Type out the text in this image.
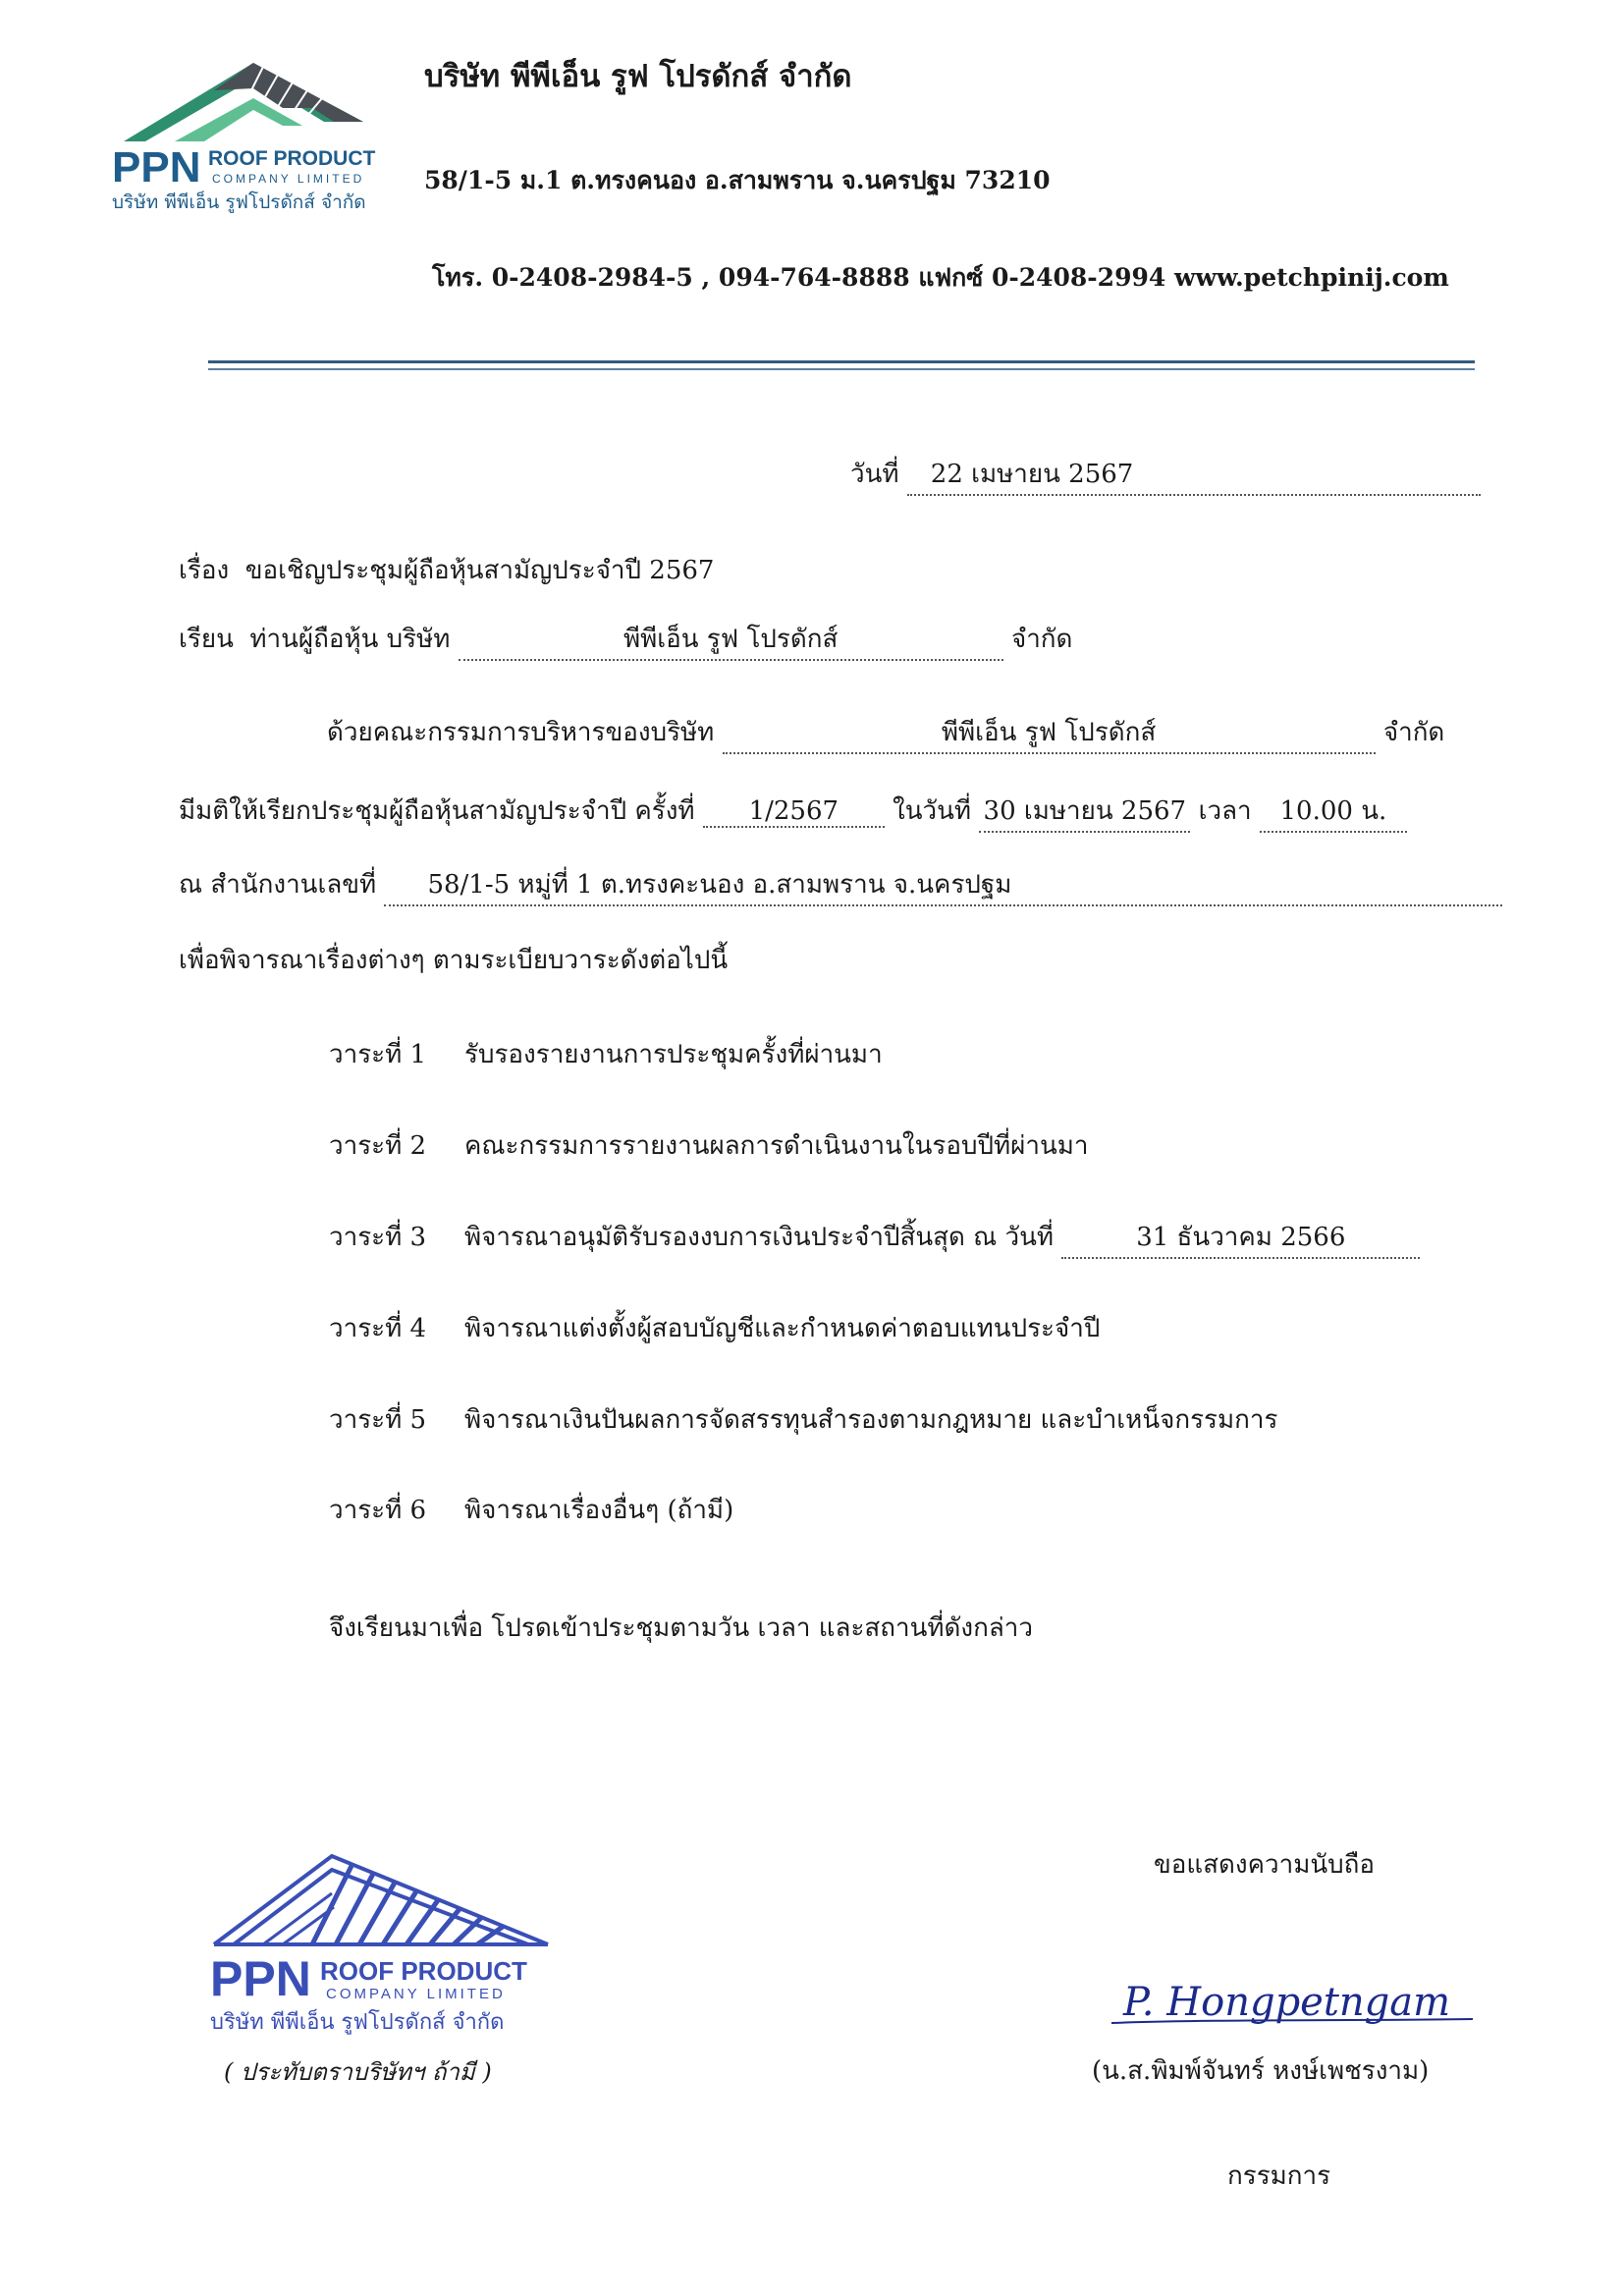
PPN ROOF PRODUCT
COMPANY LIMITED
บริษัท พีพีเอ็น รูฟโปรดักส์ จำกัด
บริษัท พีพีเอ็น รูฟ โปรดักส์ จำกัด
58/1-5 ม.1 ต.ทรงคนอง อ.สามพราน จ.นครปฐม 73210
โทร. 0-2408-2984-5 , 094-764-8888 แฟกซ์ 0-2408-2994 www.petchpinij.com
วันที่ 22 เมษายน 2567
เรื่อง ขอเชิญประชุมผู้ถือหุ้นสามัญประจำปี 2567
เรียน ท่านผู้ถือหุ้น บริษัท	พีพีเอ็น รูฟ โปรดักส์	จำกัด
ด้วยคณะกรรมการบริหารของบริษัท	พีพีเอ็น รูฟ โปรดักส์	จำกัด
มีมติให้เรียกประชุมผู้ถือหุ้นสามัญประจำปี ครั้งที่ 1/2567 ในวันที่ 30 เมษายน 2567 เวลา 10.00 น.
ณ สำนักงานเลขที่ 58/1-5 หมู่ที่ 1 ต.ทรงคะนอง อ.สามพราน จ.นครปฐม
เพื่อพิจารณาเรื่องต่างๆ ตามระเบียบวาระดังต่อไปนี้
วาระที่ 1 รับรองรายงานการประชุมครั้งที่ผ่านมา
วาระที่ 2 คณะกรรมการรายงานผลการดำเนินงานในรอบปีที่ผ่านมา
วาระที่ 3 พิจารณาอนุมัติรับรองงบการเงินประจำปีสิ้นสุด ณ วันที่	31 ธันวาคม 2566
วาระที่ 4 พิจารณาแต่งตั้งผู้สอบบัญชีและกำหนดค่าตอบแทนประจำปี
วาระที่ 5 พิจารณาเงินปันผลการจัดสรรทุนสำรองตามกฎหมาย และบำเหน็จกรรมการ
วาระที่ 6 พิจารณาเรื่องอื่นๆ (ถ้ามี)
จึงเรียนมาเพื่อ โปรดเข้าประชุมตามวัน เวลา และสถานที่ดังกล่าว
ขอแสดงความนับถือ
P. Hongpetngam
(น.ส.พิมพ์จันทร์ หงษ์เพชรงาม)
กรรมการ
PPN ROOF PRODUCT
COMPANY LIMITED
บริษัท พีพีเอ็น รูฟโปรดักส์ จำกัด
( ประทับตราบริษัทฯ ถ้ามี )
